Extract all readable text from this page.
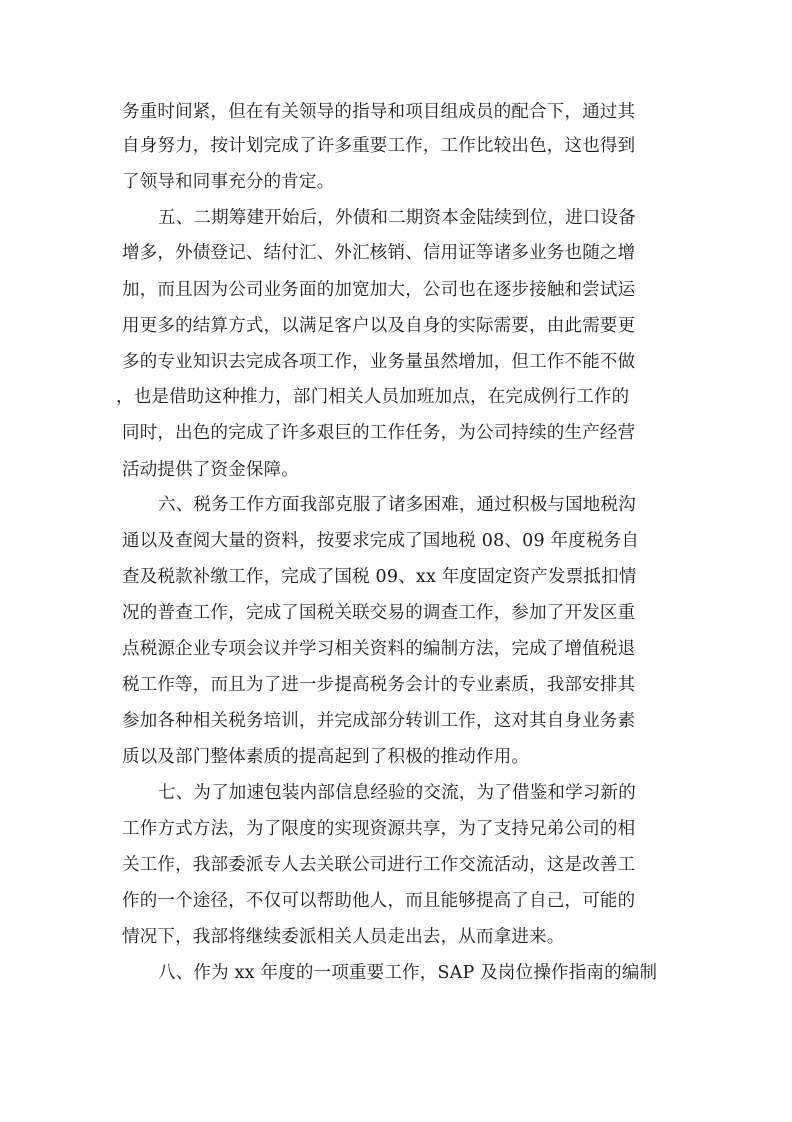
务重时间紧，但在有关领导的指导和项目组成员的配合下，通过其
自身努力，按计划完成了许多重要工作，工作比较出色，这也得到
了领导和同事充分的肯定。
五、二期筹建开始后，外债和二期资本金陆续到位，进口设备
增多，外债登记、结付汇、外汇核销、信用证等诸多业务也随之增
加，而且因为公司业务面的加宽加大，公司也在逐步接触和尝试运
用更多的结算方式，以满足客户以及自身的实际需要，由此需要更
多的专业知识去完成各项工作，业务量虽然增加，但工作不能不做
，也是借助这种推力，部门相关人员加班加点，在完成例行工作的
同时，出色的完成了许多艰巨的工作任务，为公司持续的生产经营
活动提供了资金保障。
六、税务工作方面我部克服了诸多困难，通过积极与国地税沟
通以及查阅大量的资料，按要求完成了国地税 08、09 年度税务自
查及税款补缴工作，完成了国税 09、xx 年度固定资产发票抵扣情
况的普查工作，完成了国税关联交易的调查工作，参加了开发区重
点税源企业专项会议并学习相关资料的编制方法，完成了增值税退
税工作等，而且为了进一步提高税务会计的专业素质，我部安排其
参加各种相关税务培训，并完成部分转训工作，这对其自身业务素
质以及部门整体素质的提高起到了积极的推动作用。
七、为了加速包装内部信息经验的交流，为了借鉴和学习新的
工作方式方法，为了限度的实现资源共享，为了支持兄弟公司的相
关工作，我部委派专人去关联公司进行工作交流活动，这是改善工
作的一个途径，不仅可以帮助他人，而且能够提高了自己，可能的
情况下，我部将继续委派相关人员走出去，从而拿进来。
八、作为 xx 年度的一项重要工作，SAP 及岗位操作指南的编制
